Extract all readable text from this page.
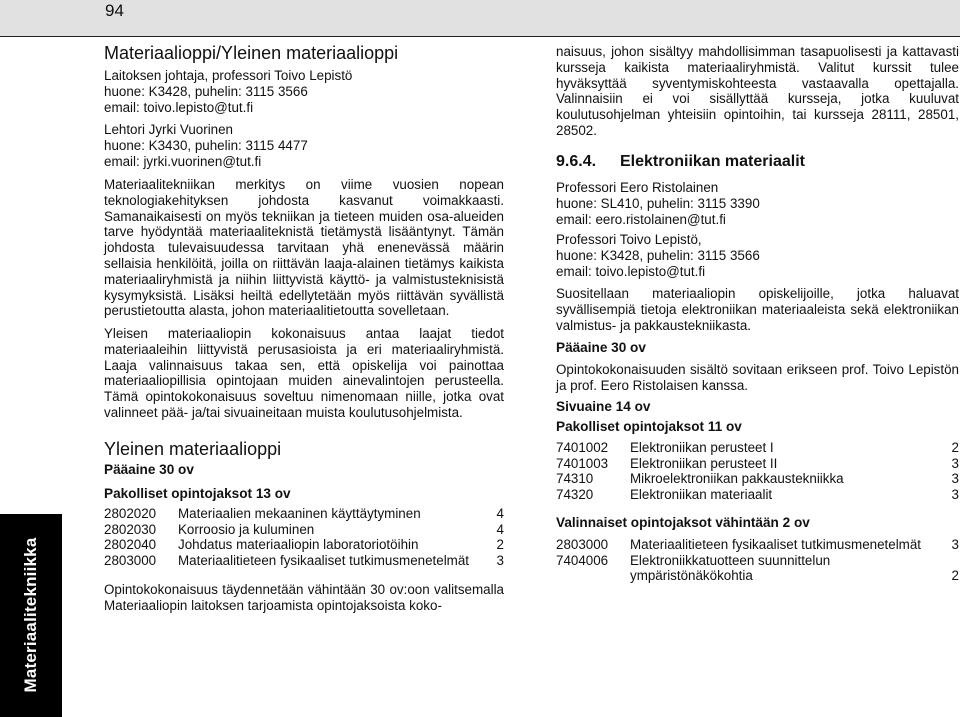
94
Materiaalitekniikka
Materiaalioppi/Yleinen materiaalioppi

Laitoksen johtaja, professori Toivo Lepistö

huone: K3428, puhelin: 3115 3566

email: toivo.lepisto@tut.fi

Lehtori Jyrki Vuorinen

huone: K3430, puhelin: 3115 4477

email: jyrki.vuorinen@tut.fi

Materiaalitekniikan merkitys on viime vuosien nopean teknologiakehityksen johdosta kasvanut voimakkaasti. Samanaikaisesti on myös tekniikan ja tieteen muiden osa-alueiden tarve hyödyntää materiaaliteknistä tietämystä lisääntynyt. Tämän johdosta tulevaisuudessa tarvitaan yhä enenevässä määrin sellaisia henkilöitä, joilla on riittävän laaja-alainen tietämys kaikista materiaaliryhmistä ja niihin liittyvistä käyttö- ja valmistusteknisistä kysymyksistä. Lisäksi heiltä edellytetään myös riittävän syvällistä perustietoutta alasta, johon materiaalitietoutta sovelletaan.

Yleisen materiaaliopin kokonaisuus antaa laajat tiedot materiaaleihin liittyvistä perusasioista ja eri materiaaliryhmistä. Laaja valinnaisuus takaa sen, että opiskelija voi painottaa materiaaliopillisia opintojaan muiden ainevalintojen perusteella. Tämä opintokokonaisuus soveltuu nimenomaan niille, jotka ovat valinneet pää- ja/tai sivuaineitaan muista koulutusohjelmista.

Yleinen materiaalioppi
Pääaine 30 ov
Pakolliset opintojaksot 13 ov
2802020	Materiaalien mekaaninen käyttäytyminen	4
2802030	Korroosio ja kuluminen	4
2802040	Johdatus materiaaliopin laboratoriotöihin	2
2803000	Materiaalitieteen fysikaaliset tutkimusmenetelmät	3

Opintokokonaisuus täydennetään vähintään 30 ov:oon valitsemalla Materiaaliopin laitoksen tarjoamista opintojaksoista koko-

naisuus, johon sisältyy mahdollisimman tasapuolisesti ja kattavasti kursseja kaikista materiaaliryhmistä. Valitut kurssit tulee hyväksyttää syventymiskohteesta vastaavalla opettajalla. Valinnaisiin ei voi sisällyttää kursseja, jotka kuuluvat koulutusohjelman yhteisiin opintoihin, tai kursseja 28111, 28501, 28502.

9.6.4. Elektroniikan materiaalit

Professori Eero Ristolainen

huone: SL410, puhelin: 3115 3390

email: eero.ristolainen@tut.fi

Professori Toivo Lepistö,

huone: K3428, puhelin: 3115 3566

email: toivo.lepisto@tut.fi

Suositellaan materiaaliopin opiskelijoille, jotka haluavat syvällisempiä tietoja elektroniikan materiaaleista sekä elektroniikan valmistus- ja pakkaustekniikasta.

Pääaine 30 ov

Opintokokonaisuuden sisältö sovitaan erikseen prof. Toivo Lepistön ja prof. Eero Ristolaisen kanssa.

Sivuaine 14 ov
Pakolliset opintojaksot 11 ov
7401002	Elektroniikan perusteet I	2
7401003	Elektroniikan perusteet II	3
74310	Mikroelektroniikan pakkaustekniikka	3
74320	Elektroniikan materiaalit	3
Valinnaiset opintojaksot vähintään 2 ov
2803000	Materiaalitieteen fysikaaliset tutkimusmenetelmät	3
7404006	Elektroniikkatuotteen suunnittelun ympäristönäkökohtia	2
